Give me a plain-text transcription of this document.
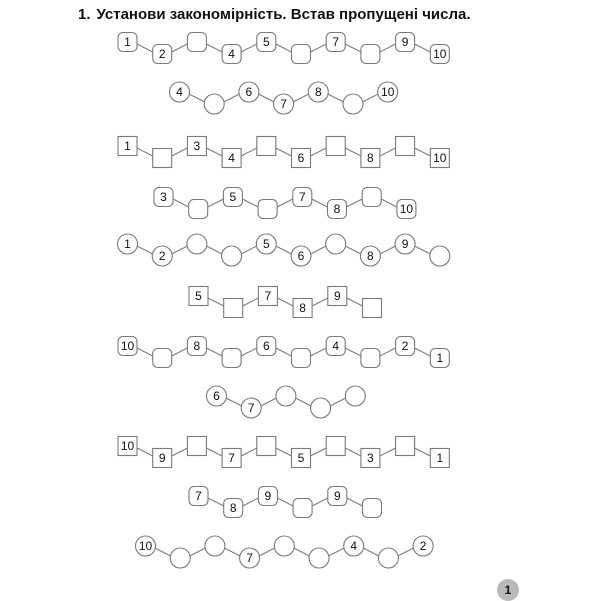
1. Установи закономірність. Встав пропущені числа.
1
2	4
5	7	9
10
4	6
7
8	10
1	3
4	6	8	10
3	5	7
8	10
1
2
5
6	8
9
5	7
8
9
10	8	6	4	2
1
6
7
10
9	7	5	3	1
7
8
9	9
10
7
4	2
1
